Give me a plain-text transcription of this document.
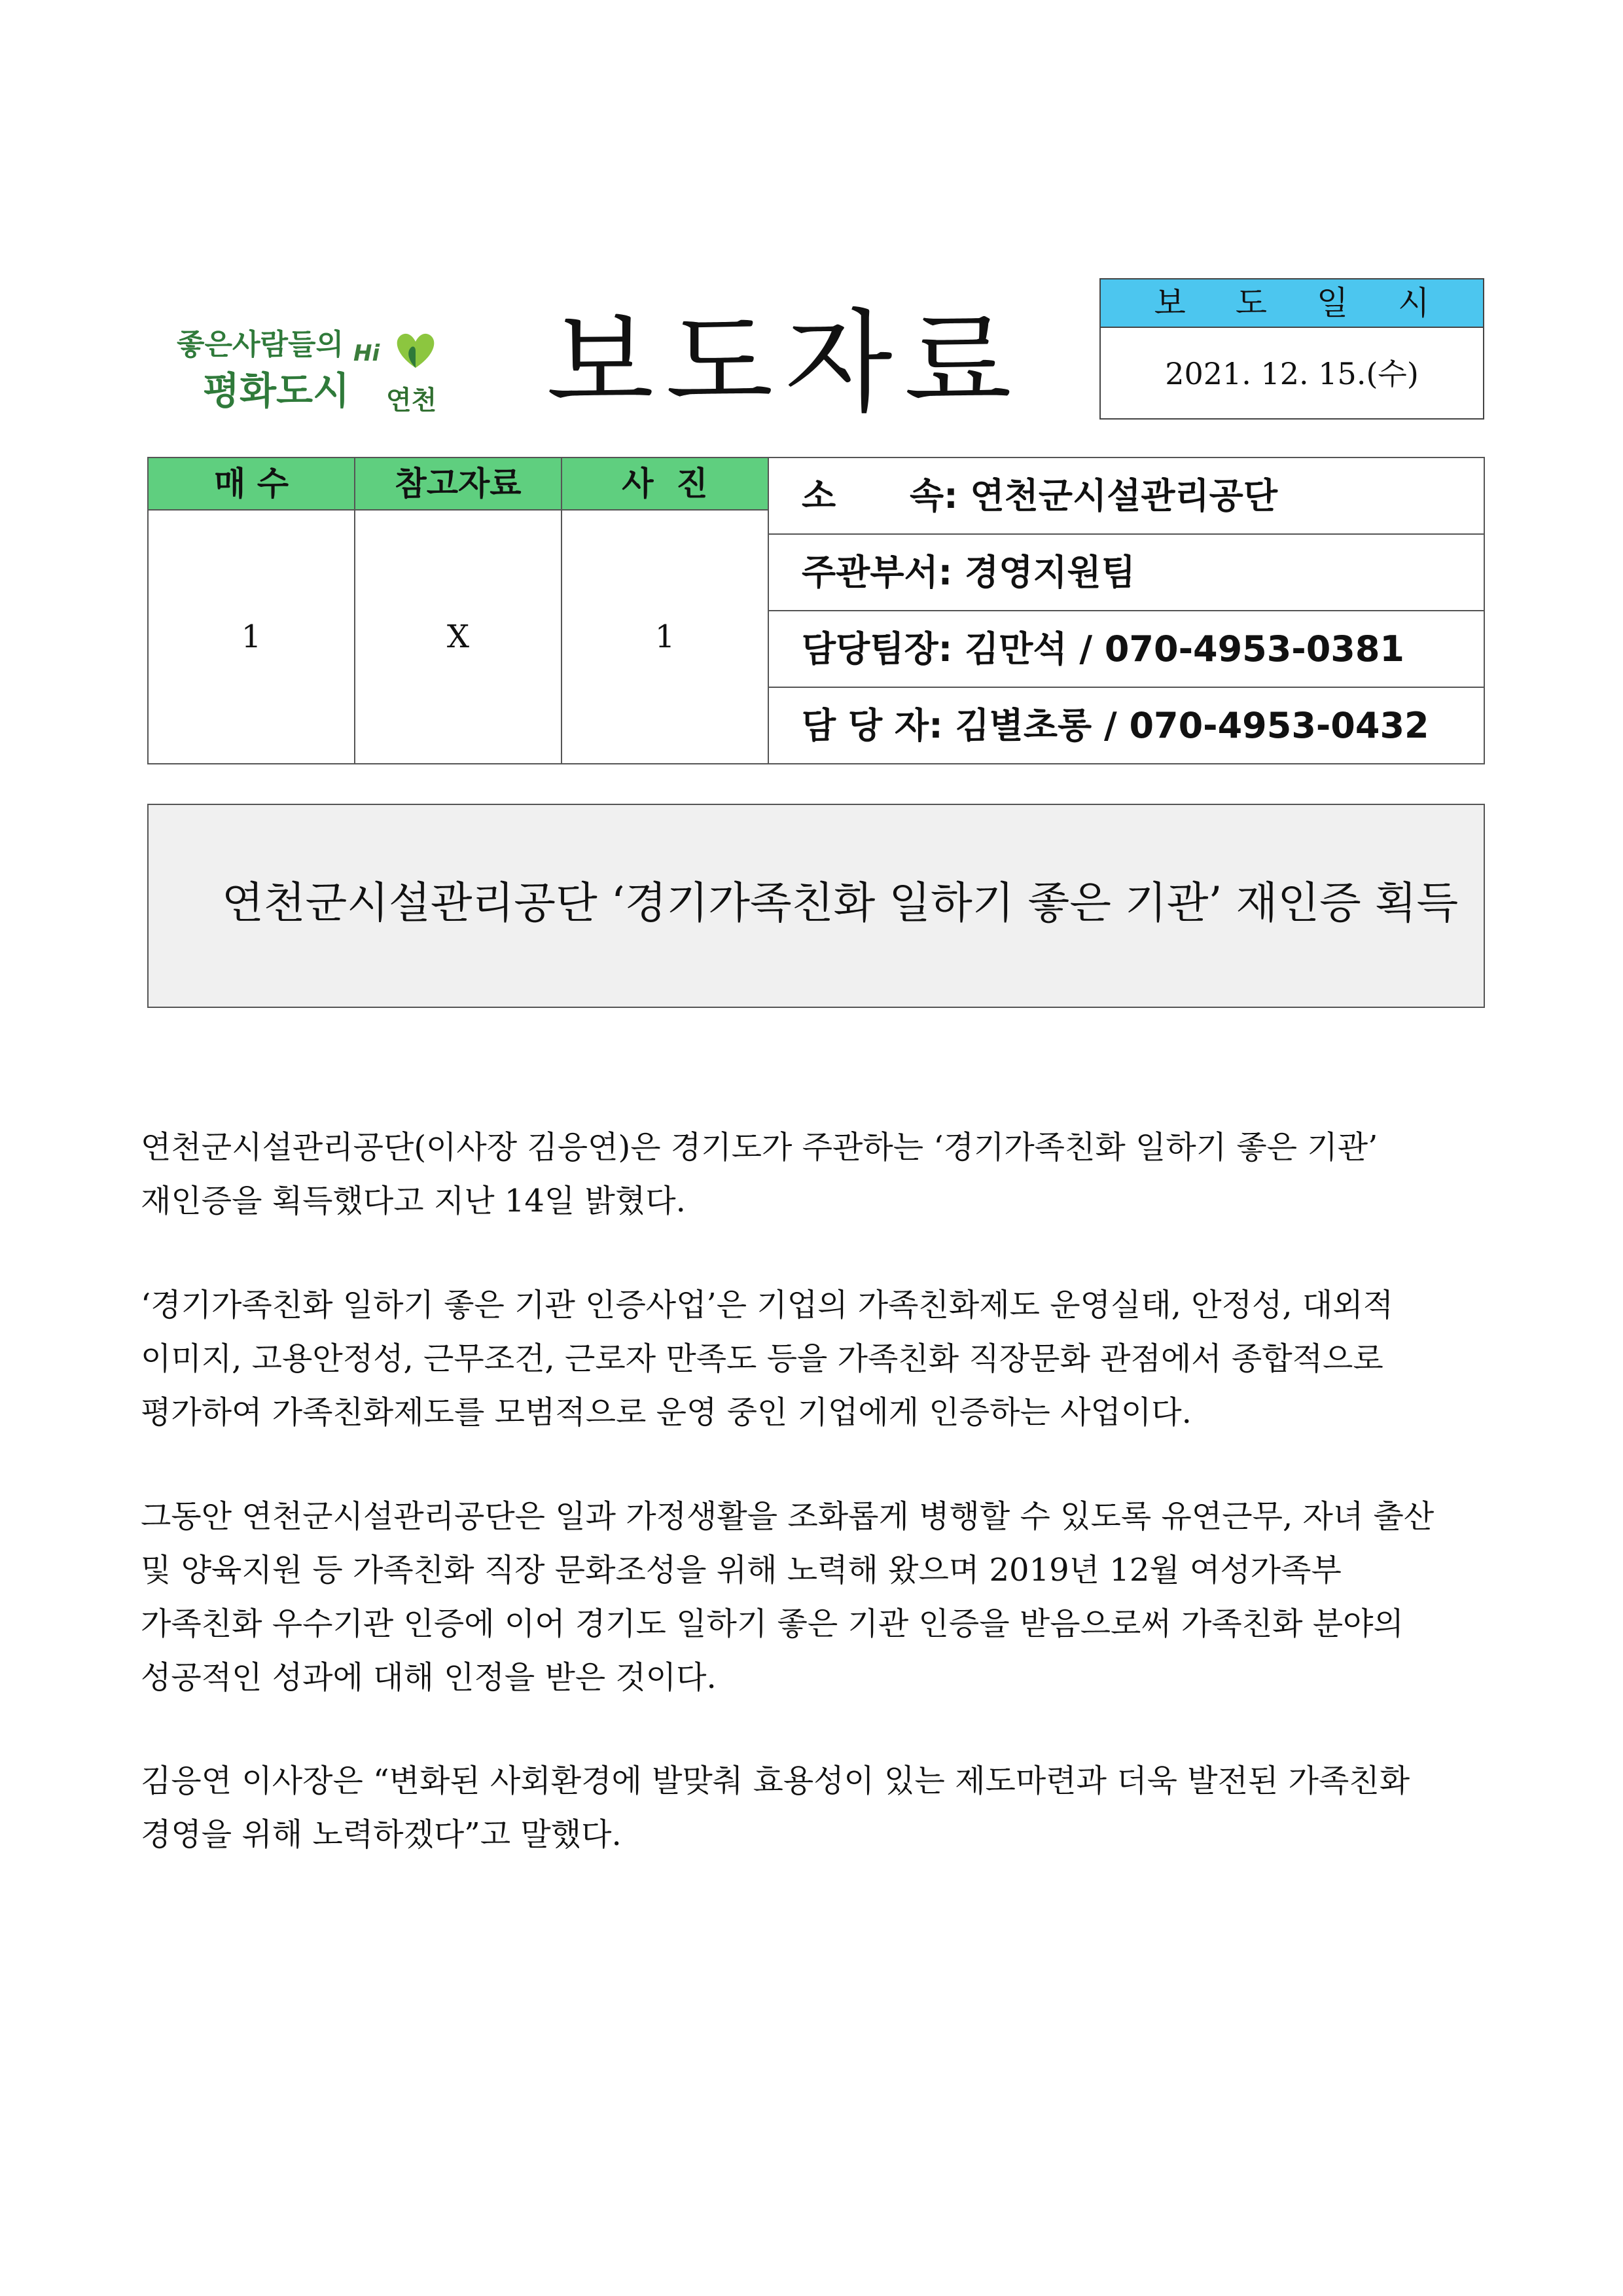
좋은사람들의
평화도시
Hi
연천 보도자료	보 도 일 시
2021. 12. 15.(수)
매 수	참고자료	사  진
1	X	1
소      속: 연천군시설관리공단
주관부서: 경영지원팀
담당팀장: 김만석 / 070-4953-0381
담 당 자: 김별초롱 / 070-4953-0432
연천군시설관리공단 ‘경기가족친화 일하기 좋은 기관’ 재인증 획득

연천군시설관리공단(이사장 김응연)은 경기도가 주관하는 ‘경기가족친화 일하기 좋은 기관’

재인증을 획득했다고 지난 14일 밝혔다.

‘경기가족친화 일하기 좋은 기관 인증사업’은 기업의 가족친화제도 운영실태, 안정성, 대외적

이미지, 고용안정성, 근무조건, 근로자 만족도 등을 가족친화 직장문화 관점에서 종합적으로

평가하여 가족친화제도를 모범적으로 운영 중인 기업에게 인증하는 사업이다.

그동안 연천군시설관리공단은 일과 가정생활을 조화롭게 병행할 수 있도록 유연근무, 자녀 출산

및 양육지원 등 가족친화 직장 문화조성을 위해 노력해 왔으며 2019년 12월 여성가족부

가족친화 우수기관 인증에 이어 경기도 일하기 좋은 기관 인증을 받음으로써 가족친화 분야의

성공적인 성과에 대해 인정을 받은 것이다.

김응연 이사장은 “변화된 사회환경에 발맞춰 효용성이 있는 제도마련과 더욱 발전된 가족친화

경영을 위해 노력하겠다”고 말했다.
